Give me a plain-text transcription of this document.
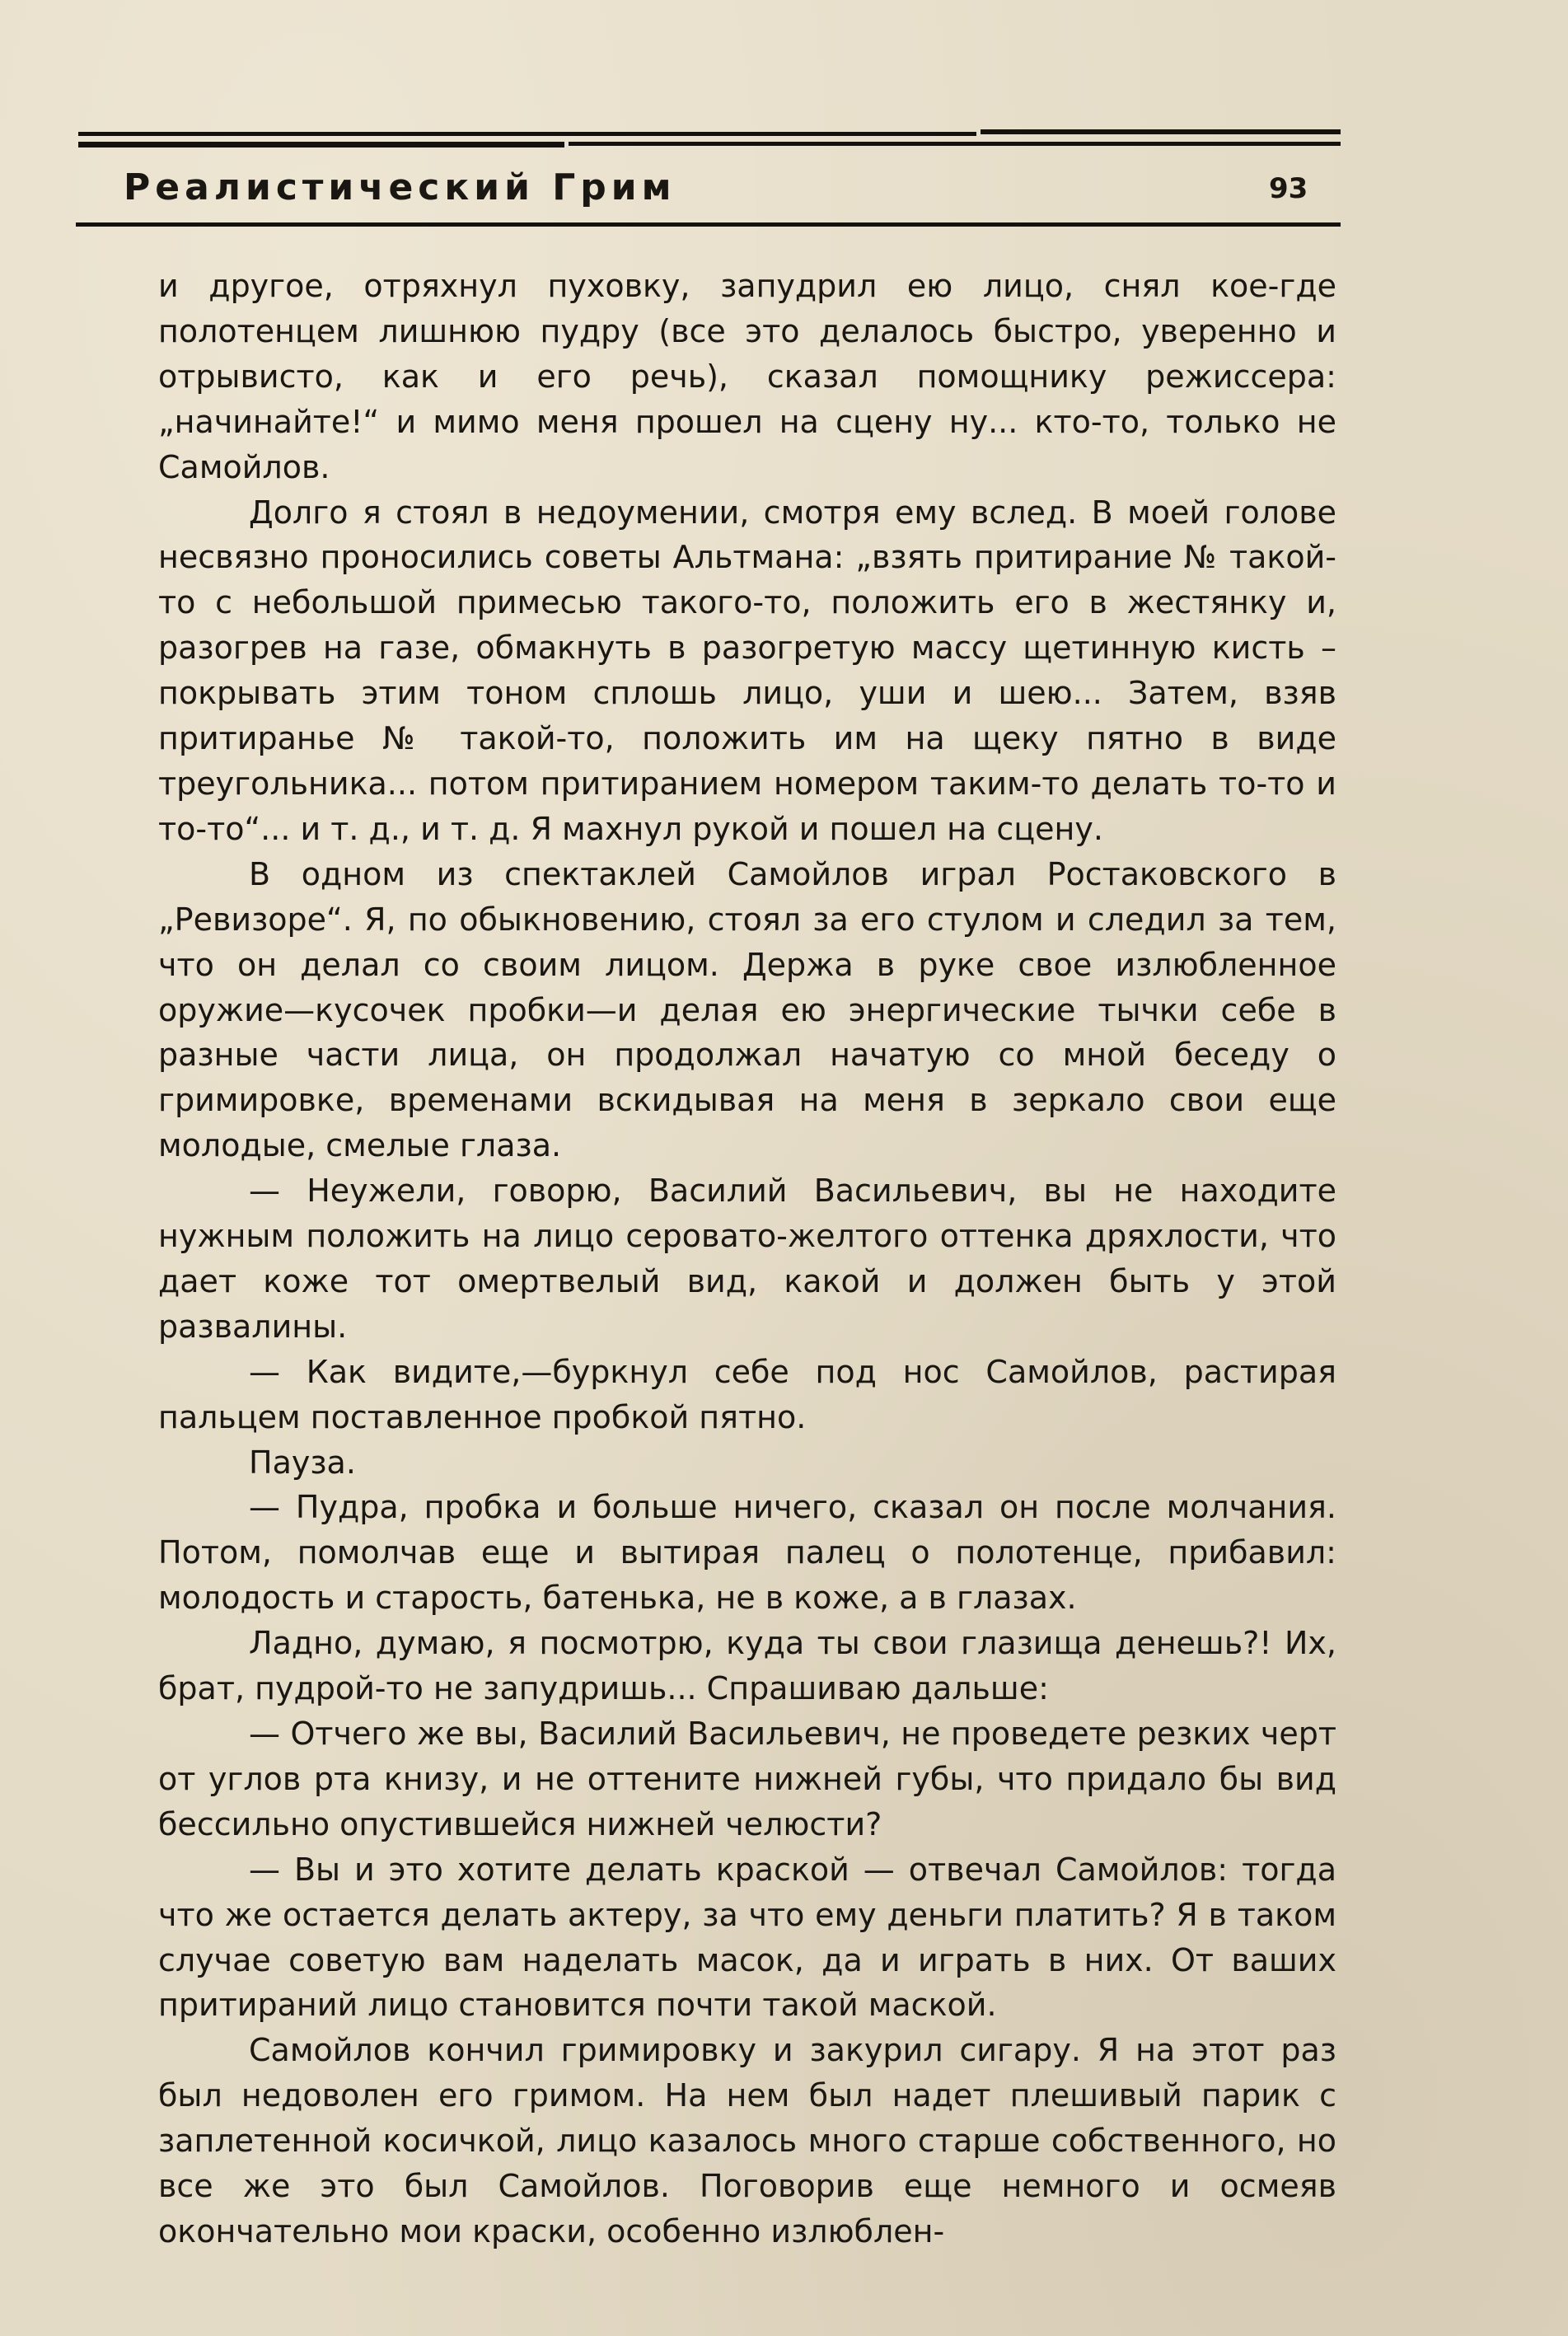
Реалистический Грим	93

и другое, отряхнул пуховку, запудрил ею лицо, снял кое-где полотенцем лишнюю пудру (все это делалось быстро, уверенно и отрывисто, как и его речь), сказал помощнику режиссера: „начинайте!“ и мимо меня прошел на сцену ну... кто-то, только не Самойлов.

Долго я стоял в недоумении, смотря ему вслед. В моей голове несвязно проносились советы Альтмана: „взять притирание № такой-то с небольшой примесью такого-то, положить его в жестянку и, разогрев на газе, обмакнуть в разогретую массу щетинную кисть – покрывать этим тоном сплошь лицо, уши и шею... Затем, взяв притиранье № такой-то, положить им на щеку пятно в виде треугольника... потом притиранием номером таким-то делать то-то и то-то“... и т. д., и т. д. Я махнул рукой и пошел на сцену.

В одном из спектаклей Самойлов играл Ростаковского в „Ревизоре“. Я, по обыкновению, стоял за его стулом и следил за тем, что он делал со своим лицом. Держа в руке свое излюбленное оружие—кусочек пробки—и делая ею энергические тычки себе в разные части лица, он продолжал начатую со мной беседу о гримировке, временами вскидывая на меня в зеркало свои еще молодые, смелые глаза.

— Неужели, говорю, Василий Васильевич, вы не находите нужным положить на лицо серовато-желтого оттенка дряхлости, что дает коже тот омертвелый вид, какой и должен быть у этой развалины.

— Как видите,—буркнул себе под нос Самойлов, растирая пальцем поставленное пробкой пятно.

Пауза.

— Пудра, пробка и больше ничего, сказал он после молчания. Потом, помолчав еще и вытирая палец о полотенце, прибавил: молодость и старость, батенька, не в коже, а в глазах.

Ладно, думаю, я посмотрю, куда ты свои глазища денешь?! Их, брат, пудрой-то не запудришь... Спрашиваю дальше:

— Отчего же вы, Василий Васильевич, не проведете резких черт от углов рта книзу, и не оттените нижней губы, что придало бы вид бессильно опустившейся нижней челюсти?

— Вы и это хотите делать краской — отвечал Самойлов: тогда что же остается делать актеру, за что ему деньги платить? Я в таком случае советую вам наделать масок, да и играть в них. От ваших притираний лицо становится почти такой маской.

Самойлов кончил гримировку и закурил сигару. Я на этот раз был недоволен его гримом. На нем был надет плешивый парик с заплетенной косичкой, лицо казалось много старше собственного, но все же это был Самойлов. Поговорив еще немного и осмеяв окончательно мои краски, особенно излюблен-
